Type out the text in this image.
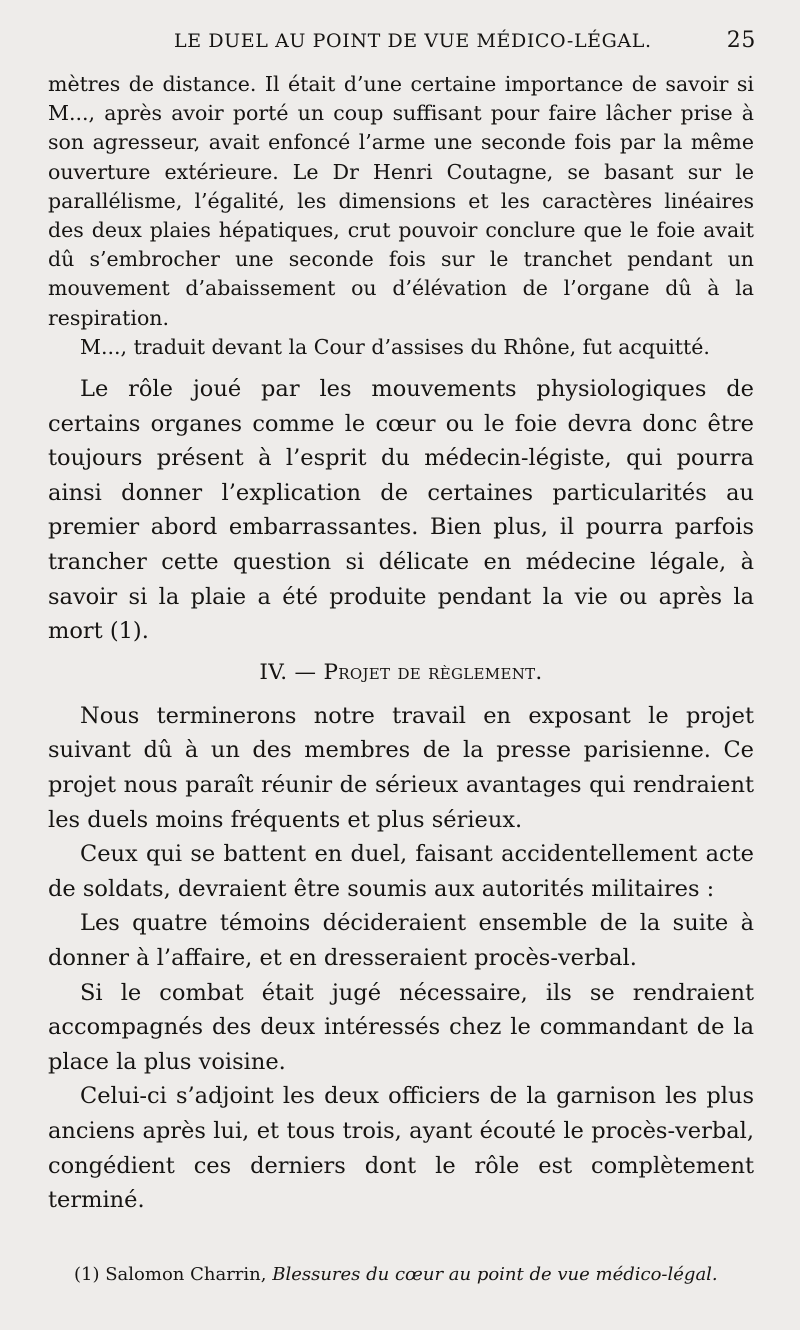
LE DUEL AU POINT DE VUE MÉDICO-LÉGAL.	25

mètres de distance. Il était d’une certaine importance de savoir si M..., après avoir porté un coup suffisant pour faire lâcher prise à son agresseur, avait enfoncé l’arme une seconde fois par la même ouverture extérieure. Le Dr Henri Coutagne, se basant sur le parallélisme, l’égalité, les dimensions et les caractères linéaires des deux plaies hépatiques, crut pouvoir conclure que le foie avait dû s’embrocher une seconde fois sur le tranchet pendant un mouvement d’abaissement ou d’élévation de l’organe dû à la respiration.

M..., traduit devant la Cour d’assises du Rhône, fut acquitté.

Le rôle joué par les mouvements physiologiques de certains organes comme le cœur ou le foie devra donc être toujours présent à l’esprit du médecin-légiste, qui pourra ainsi donner l’explication de certaines particularités au premier abord embarrassantes. Bien plus, il pourra parfois trancher cette question si délicate en médecine légale, à savoir si la plaie a été produite pendant la vie ou après la mort (1).

IV. — Projet de règlement.

Nous terminerons notre travail en exposant le projet suivant dû à un des membres de la presse parisienne. Ce projet nous paraît réunir de sérieux avantages qui rendraient les duels moins fréquents et plus sérieux.

Ceux qui se battent en duel, faisant accidentellement acte de soldats, devraient être soumis aux autorités militaires :

Les quatre témoins décideraient ensemble de la suite à donner à l’affaire, et en dresseraient procès-verbal.

Si le combat était jugé nécessaire, ils se rendraient accompagnés des deux intéressés chez le commandant de la place la plus voisine.

Celui-ci s’adjoint les deux officiers de la garnison les plus anciens après lui, et tous trois, ayant écouté le procès-verbal, congédient ces derniers dont le rôle est complètement terminé.

(1) Salomon Charrin, Blessures du cœur au point de vue médico-légal.
